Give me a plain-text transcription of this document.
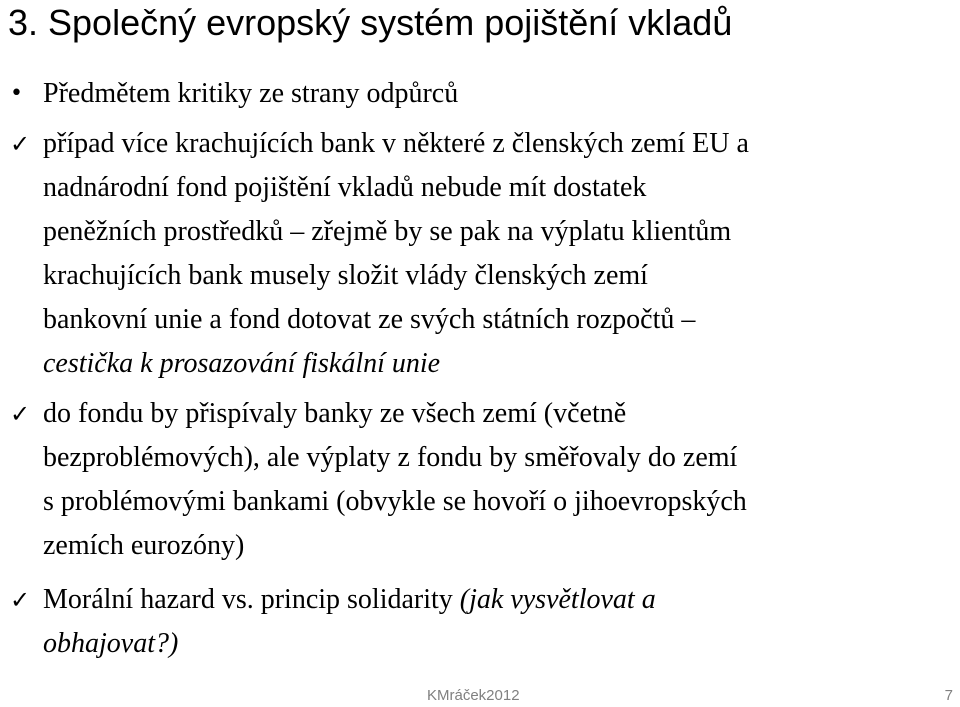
3. Společný evropský systém pojištění vkladů
• Předmětem kritiky ze strany odpůrců
✓ případ více krachujících bank v některé z členských zemí EU a
nadnárodní fond pojištění vkladů nebude mít dostatek
peněžních prostředků – zřejmě by se pak na výplatu klientům
krachujících bank musely složit vlády členských zemí
bankovní unie a fond dotovat ze svých státních rozpočtů –
cestička k prosazování fiskální unie
✓ do fondu by přispívaly banky ze všech zemí (včetně
bezproblémových), ale výplaty z fondu by směřovaly do zemí
s problémovými bankami (obvykle se hovoří o jihoevropských
zemích eurozóny)
✓ Morální hazard vs. princip solidarity (jak vysvětlovat a
obhajovat?)
KMráček2012	7
